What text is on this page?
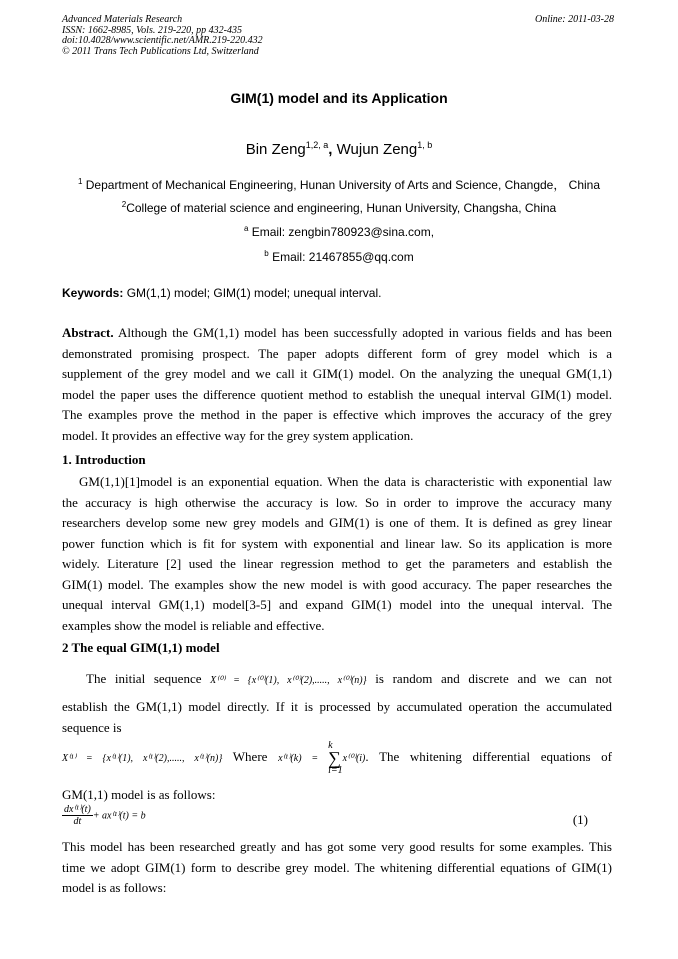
Advanced Materials Research
ISSN: 1662-8985, Vols. 219-220, pp 432-435
doi:10.4028/www.scientific.net/AMR.219-220.432
© 2011 Trans Tech Publications Ltd, Switzerland
Online: 2011-03-28
GIM(1) model and its Application
Bin Zeng$^{1,2, a}$, Wujun Zeng$^{1, b}$
$^1$ Department of Mechanical Engineering, Hunan University of Arts and Science, Changde， China
$^2$College of material science and engineering, Hunan University, Changsha, China
$^a$ Email: zengbin780923@sina.com,
$^b$ Email: 21467855@qq.com
Keywords: GM(1,1) model; GIM(1) model; unequal interval.
Abstract. Although the GM(1,1) model has been successfully adopted in various fields and has been
demonstrated promising prospect. The paper adopts different form of grey model which is a
supplement of the grey model and we call it GIM(1) model. On the analyzing the unequal GM(1,1)
model the paper uses the difference quotient method to establish the unequal interval GIM(1) model.
The examples prove the method in the paper is effective which improves the accuracy of the grey
model. It provides an effective way for the grey system application.
1. Introduction
GM(1,1)[1]model is an exponential equation. When the data is characteristic with exponential law
the accuracy is high otherwise the accuracy is low. So in order to improve the accuracy many
researchers develop some new grey models and GIM(1) is one of them. It is defined as grey linear
power function which is fit for system with exponential and linear law. So its application is more
widely. Literature [2] used the linear regression method to get the parameters and establish the
GIM(1) model. The examples show the new model is with good accuracy. The paper researches the
unequal interval GM(1,1) model[3-5] and expand GIM(1) model into the unequal interval. The
examples show the model is reliable and effective.
2 The equal GIM(1,1) model
The initial sequence X⁽⁰⁾ = {x⁽⁰⁾(1), x⁽⁰⁾(2),....., x⁽⁰⁾(n)} is random and discrete and we can not
establish the GM(1,1) model directly. If it is processed by accumulated operation the accumulated
sequence is
X⁽¹⁾ = {x⁽¹⁾(1), x⁽¹⁾(2),....., x⁽¹⁾(n)} Where x⁽¹⁾(k) =
k
∑
i=1
x⁽⁰⁾(i). The whitening differential equations of
GM(1,1) model is as follows:
$\frac{\text{dx⁽¹⁾(t)}}{dt} + ax^{(1)}(t) = b$	(1)
This model has been researched greatly and has got some very good results for some examples. This
time we adopt GIM(1) form to describe grey model. The whitening differential equations of GIM(1)
model is as follows:
